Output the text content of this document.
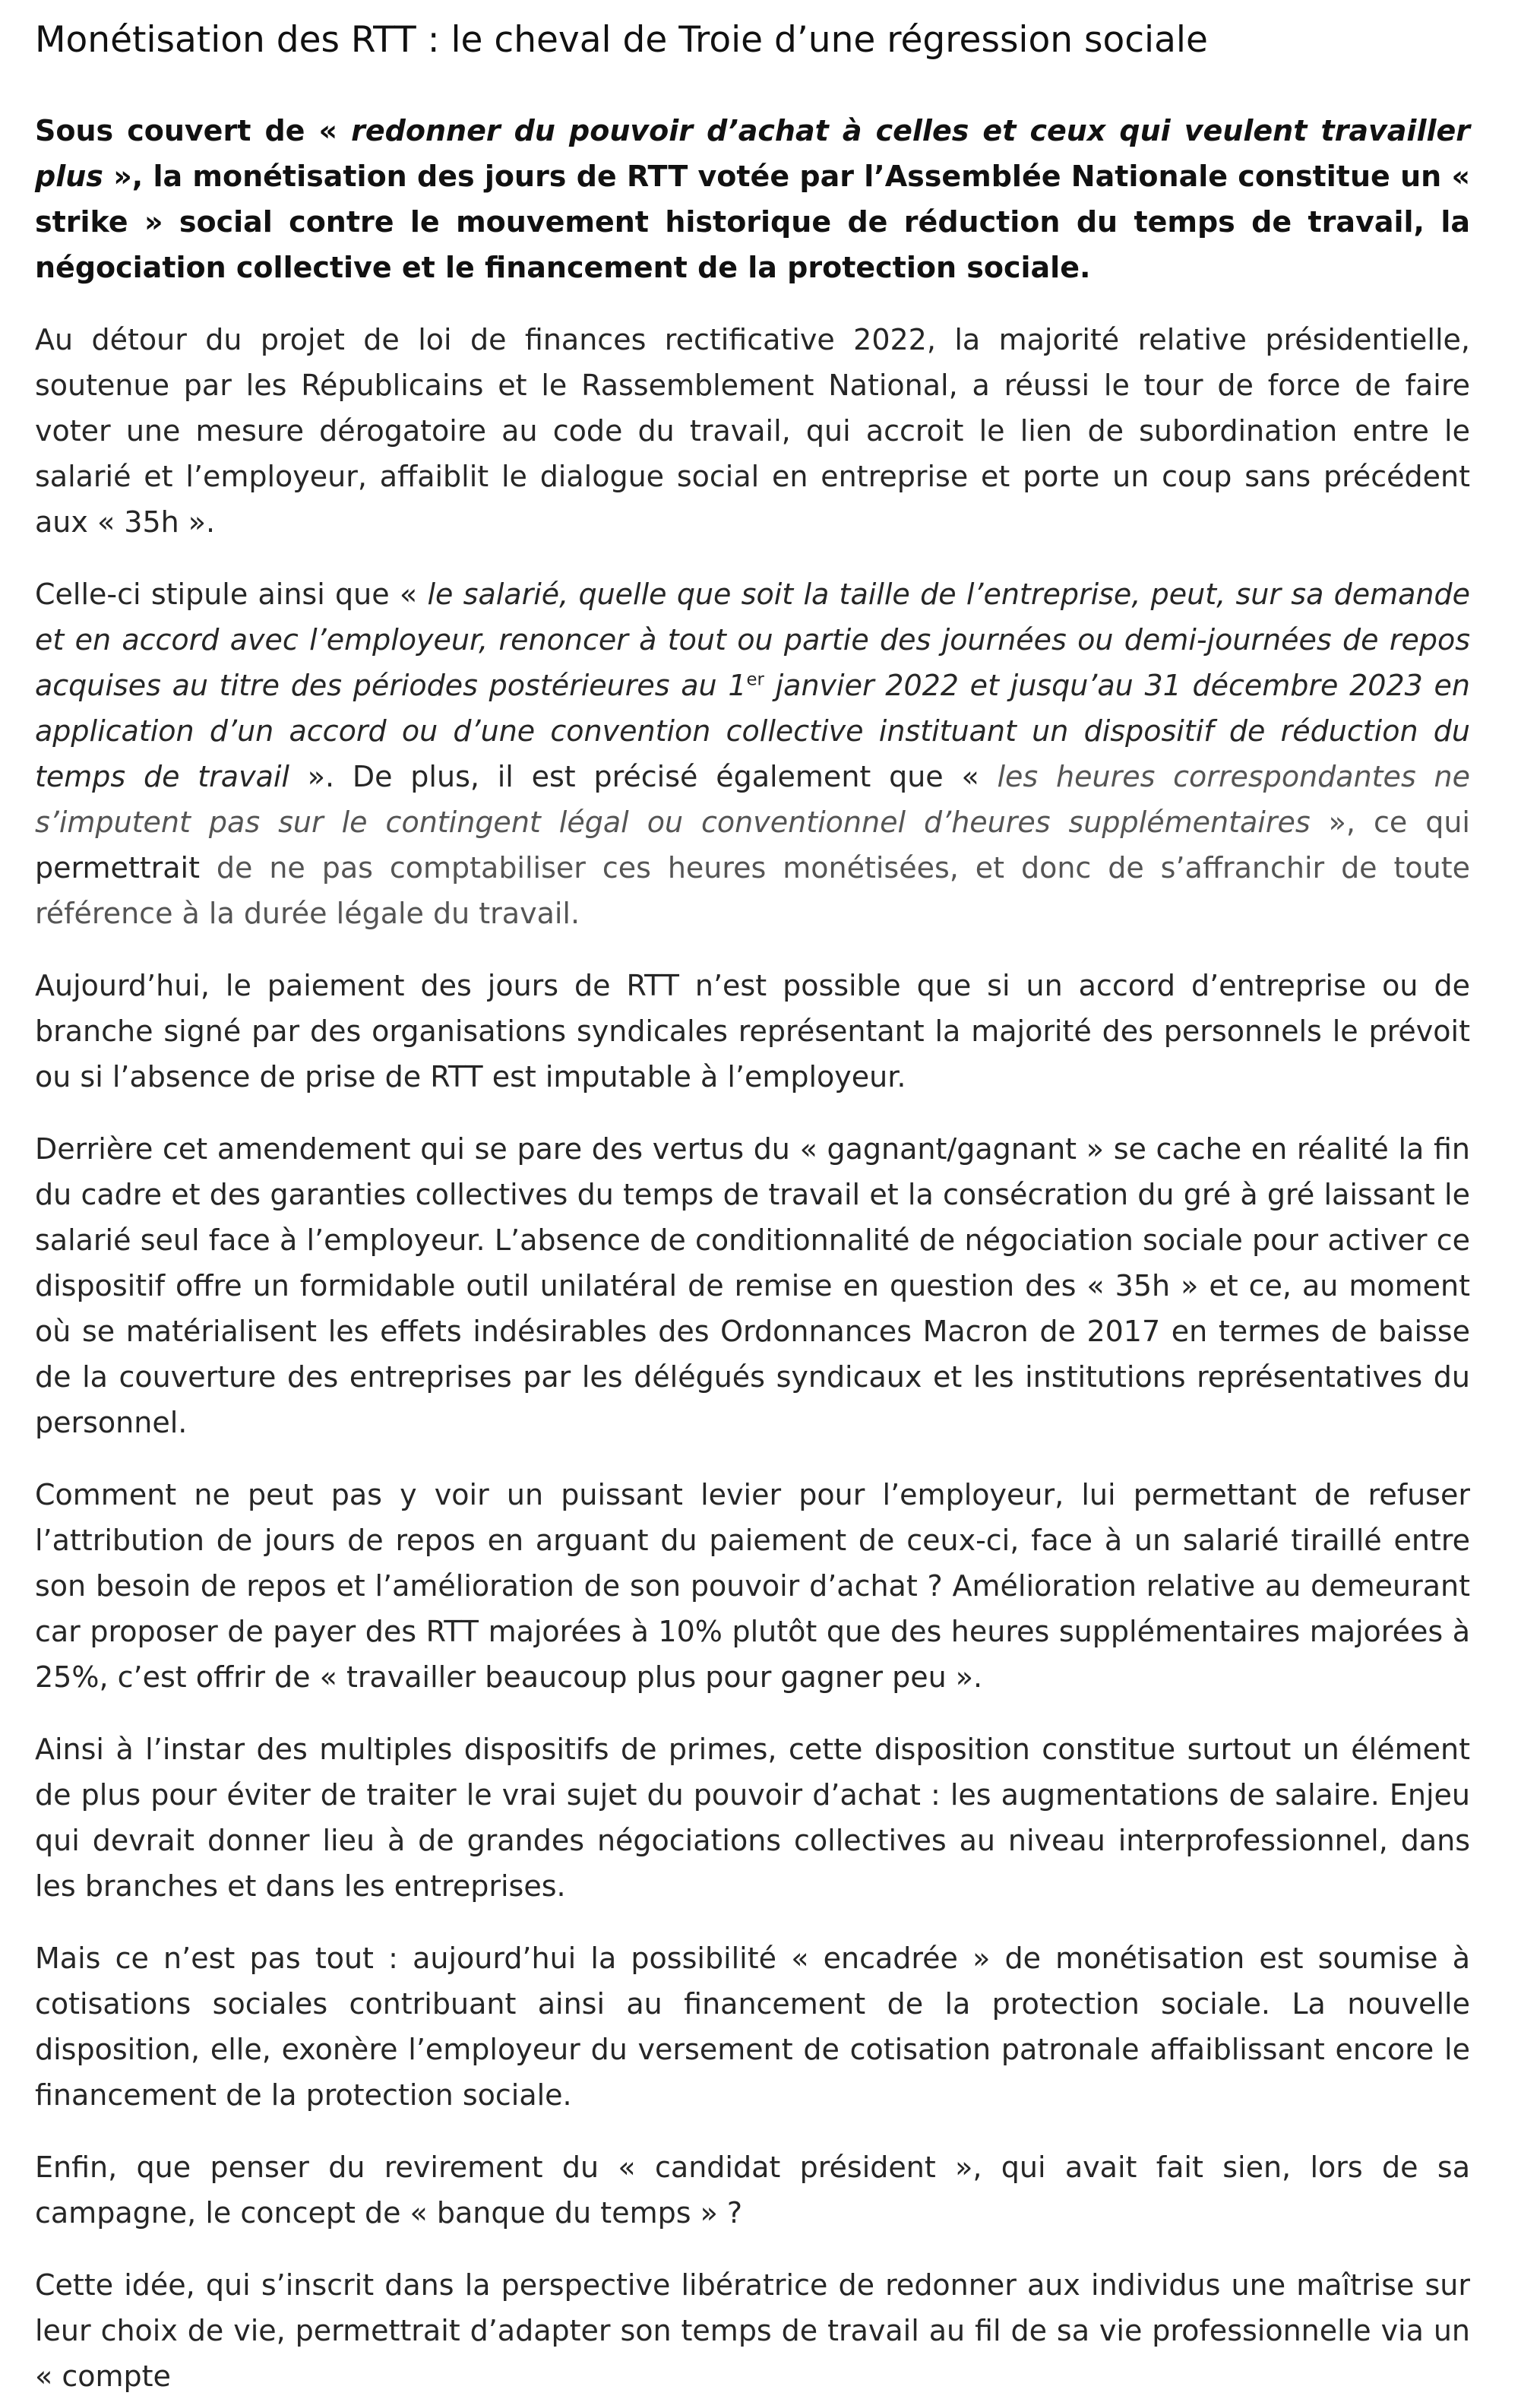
Monétisation des RTT : le cheval de Troie d’une régression sociale

Sous couvert de « redonner du pouvoir d’achat à celles et ceux qui veulent travailler plus », la monétisation des jours de RTT votée par l’Assemblée Nationale constitue un « strike » social contre le mouvement historique de réduction du temps de travail, la négociation collective et le financement de la protection sociale.

Au détour du projet de loi de finances rectificative 2022, la majorité relative présidentielle, soutenue par les Républicains et le Rassemblement National, a réussi le tour de force de faire voter une mesure dérogatoire au code du travail, qui accroit le lien de subordination entre le salarié et l’employeur, affaiblit le dialogue social en entreprise et porte un coup sans précédent aux « 35h ».

Celle-ci stipule ainsi que « le salarié, quelle que soit la taille de l’entreprise, peut, sur sa demande et en accord avec l’employeur, renoncer à tout ou partie des journées ou demi-journées de repos acquises au titre des périodes postérieures au 1er janvier 2022 et jusqu’au 31 décembre 2023 en application d’un accord ou d’une convention collective instituant un dispositif de réduction du temps de travail ». De plus, il est précisé également que « les heures correspondantes ne s’imputent pas sur le contingent légal ou conventionnel d’heures supplémentaires », ce qui permettrait de ne pas comptabiliser ces heures monétisées, et donc de s’affranchir de toute référence à la durée légale du travail.

Aujourd’hui, le paiement des jours de RTT n’est possible que si un accord d’entreprise ou de branche signé par des organisations syndicales représentant la majorité des personnels le prévoit ou si l’absence de prise de RTT est imputable à l’employeur.

Derrière cet amendement qui se pare des vertus du « gagnant/gagnant » se cache en réalité la fin du cadre et des garanties collectives du temps de travail et la consécration du gré à gré laissant le salarié seul face à l’employeur. L’absence de conditionnalité de négociation sociale pour activer ce dispositif offre un formidable outil unilatéral de remise en question des « 35h » et ce, au moment où se matérialisent les effets indésirables des Ordonnances Macron de 2017 en termes de baisse de la couverture des entreprises par les délégués syndicaux et les institutions représentatives du personnel.

Comment ne peut pas y voir un puissant levier pour l’employeur, lui permettant de refuser l’attribution de jours de repos en arguant du paiement de ceux-ci, face à un salarié tiraillé entre son besoin de repos et l’amélioration de son pouvoir d’achat ? Amélioration relative au demeurant car proposer de payer des RTT majorées à 10% plutôt que des heures supplémentaires majorées à 25%, c’est offrir de « travailler beaucoup plus pour gagner peu ».

Ainsi à l’instar des multiples dispositifs de primes, cette disposition constitue surtout un élément de plus pour éviter de traiter le vrai sujet du pouvoir d’achat : les augmentations de salaire. Enjeu qui devrait donner lieu à de grandes négociations collectives au niveau interprofessionnel, dans les branches et dans les entreprises.

Mais ce n’est pas tout : aujourd’hui la possibilité « encadrée » de monétisation est soumise à cotisations sociales contribuant ainsi au financement de la protection sociale. La nouvelle disposition, elle, exonère l’employeur du versement de cotisation patronale affaiblissant encore le financement de la protection sociale.

Enfin, que penser du revirement du « candidat président », qui avait fait sien, lors de sa campagne, le concept de « banque du temps » ?

Cette idée, qui s’inscrit dans la perspective libératrice de redonner aux individus une maîtrise sur leur choix de vie, permettrait d’adapter son temps de travail au fil de sa vie professionnelle via un « compte
